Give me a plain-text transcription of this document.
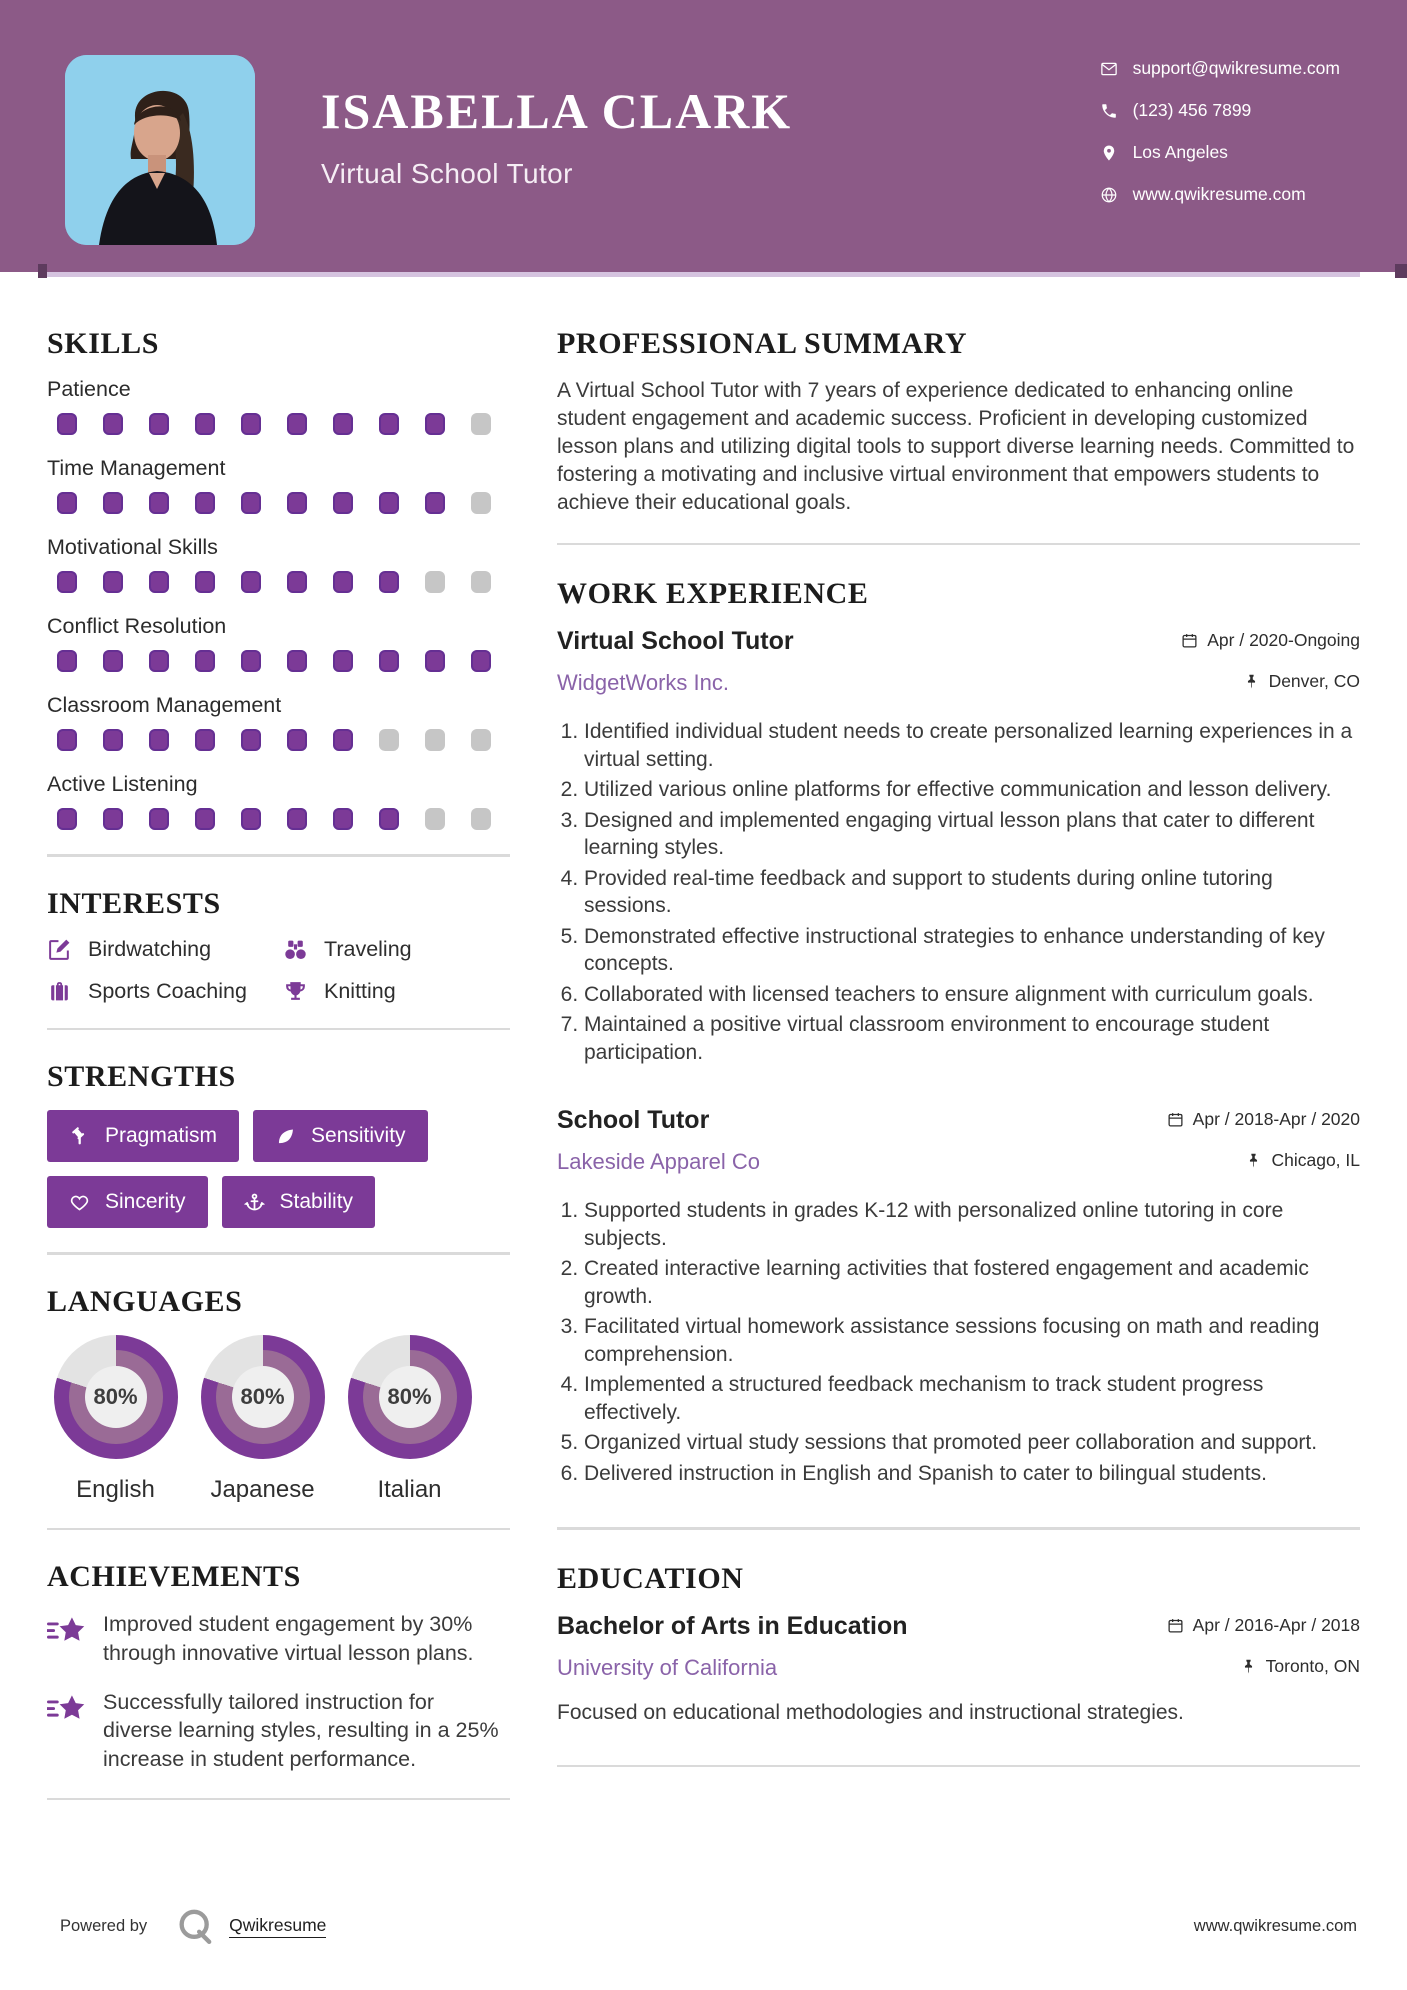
ISABELLA CLARK
Virtual School Tutor
support@qwikresume.com
(123) 456 7899
Los Angeles
www.qwikresume.com
SKILLS
Patience
Time Management
Motivational Skills
Conflict Resolution
Classroom Management
Active Listening
INTERESTS
Birdwatching	Traveling
Sports Coaching	Knitting
STRENGTHS
Pragmatism	Sensitivity
Sincerity	Stability
LANGUAGES
80%
English
80%
Japanese
80%
Italian
ACHIEVEMENTS
Improved student engagement by 30% through innovative virtual lesson plans.
Successfully tailored instruction for diverse learning styles, resulting in a 25% increase in student performance.
PROFESSIONAL SUMMARY

A Virtual School Tutor with 7 years of experience dedicated to enhancing online student engagement and academic success. Proficient in developing customized lesson plans and utilizing digital tools to support diverse learning needs. Committed to fostering a motivating and inclusive virtual environment that empowers students to achieve their educational goals.

WORK EXPERIENCE
Virtual School Tutor	Apr / 2020-Ongoing
WidgetWorks Inc.	Denver, CO
1. Identified individual student needs to create personalized learning experiences in a virtual setting.
2. Utilized various online platforms for effective communication and lesson delivery.
3. Designed and implemented engaging virtual lesson plans that cater to different learning styles.
4. Provided real-time feedback and support to students during online tutoring sessions.
5. Demonstrated effective instructional strategies to enhance understanding of key concepts.
6. Collaborated with licensed teachers to ensure alignment with curriculum goals.
7. Maintained a positive virtual classroom environment to encourage student participation.
School Tutor	Apr / 2018-Apr / 2020
Lakeside Apparel Co	Chicago, IL
1. Supported students in grades K-12 with personalized online tutoring in core subjects.
2. Created interactive learning activities that fostered engagement and academic growth.
3. Facilitated virtual homework assistance sessions focusing on math and reading comprehension.
4. Implemented a structured feedback mechanism to track student progress effectively.
5. Organized virtual study sessions that promoted peer collaboration and support.
6. Delivered instruction in English and Spanish to cater to bilingual students.
EDUCATION
Bachelor of Arts in Education	Apr / 2016-Apr / 2018
University of California	Toronto, ON

Focused on educational methodologies and instructional strategies.

Powered by	Qwikresume	www.qwikresume.com
